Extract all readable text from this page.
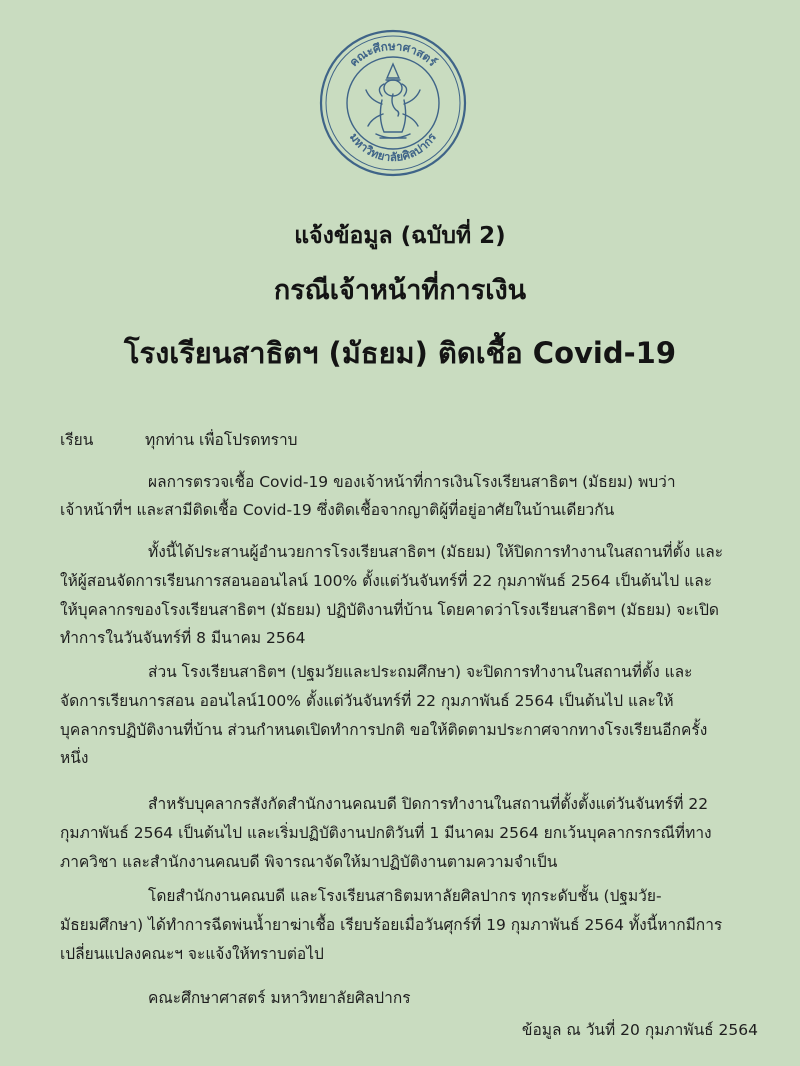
คณะศึกษาศาสตร์
มหาวิทยาลัยศิลปากร
แจ้งข้อมูล (ฉบับที่ 2)
กรณีเจ้าหน้าที่การเงิน
โรงเรียนสาธิตฯ (มัธยม) ติดเชื้อ Covid-19
เรียน	ทุกท่าน เพื่อโปรดทราบ
ผลการตรวจเชื้อ Covid-19 ของเจ้าหน้าที่การเงินโรงเรียนสาธิตฯ (มัธยม) พบว่า
เจ้าหน้าที่ฯ และสามีติดเชื้อ Covid-19 ซึ่งติดเชื้อจากญาติผู้ที่อยู่อาศัยในบ้านเดียวกัน
ทั้งนี้ได้ประสานผู้อำนวยการโรงเรียนสาธิตฯ (มัธยม) ให้ปิดการทำงานในสถานที่ตั้ง และ
ให้ผู้สอนจัดการเรียนการสอนออนไลน์ 100% ตั้งแต่วันจันทร์ที่ 22 กุมภาพันธ์ 2564 เป็นต้นไป และ
ให้บุคลากรของโรงเรียนสาธิตฯ (มัธยม) ปฏิบัติงานที่บ้าน โดยคาดว่าโรงเรียนสาธิตฯ (มัธยม) จะเปิด
ทำการในวันจันทร์ที่ 8 มีนาคม 2564
ส่วน โรงเรียนสาธิตฯ (ปฐมวัยและประถมศึกษา) จะปิดการทำงานในสถานที่ตั้ง และ
จัดการเรียนการสอน ออนไลน์100% ตั้งแต่วันจันทร์ที่ 22 กุมภาพันธ์ 2564 เป็นต้นไป และให้
บุคลากรปฏิบัติงานที่บ้าน ส่วนกำหนดเปิดทำการปกติ ขอให้ติดตามประกาศจากทางโรงเรียนอีกครั้ง
หนึ่ง
สำหรับบุคลากรสังกัดสำนักงานคณบดี ปิดการทำงานในสถานที่ตั้งตั้งแต่วันจันทร์ที่ 22
กุมภาพันธ์ 2564 เป็นต้นไป และเริ่มปฏิบัติงานปกติวันที่ 1 มีนาคม 2564 ยกเว้นบุคลากรกรณีที่ทาง
ภาควิชา และสำนักงานคณบดี พิจารณาจัดให้มาปฏิบัติงานตามความจำเป็น
โดยสำนักงานคณบดี และโรงเรียนสาธิตมหาลัยศิลปากร ทุกระดับชั้น (ปฐมวัย-
มัธยมศึกษา) ได้ทำการฉีดพ่นน้ำยาฆ่าเชื้อ เรียบร้อยเมื่อวันศุกร์ที่ 19 กุมภาพันธ์ 2564 ทั้งนี้หากมีการ
เปลี่ยนแปลงคณะฯ จะแจ้งให้ทราบต่อไป
คณะศึกษาศาสตร์ มหาวิทยาลัยศิลปากร
ข้อมูล ณ วันที่ 20 กุมภาพันธ์ 2564
